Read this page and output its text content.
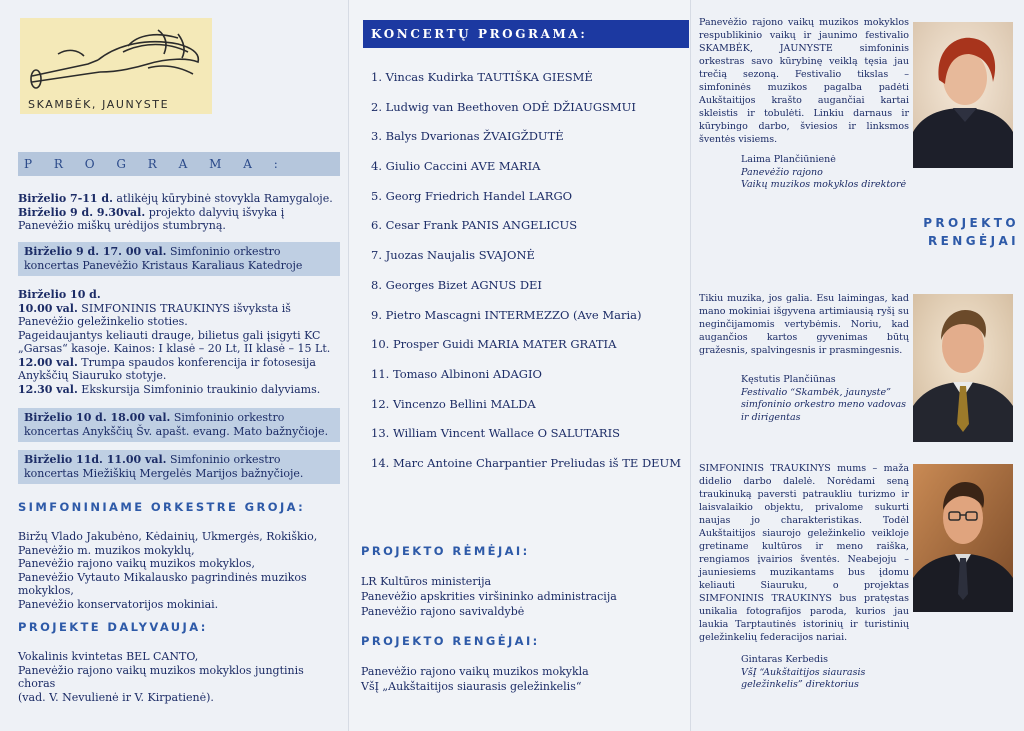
SKAMBĖK, JAUNYSTE
P R O G R A M A :
Birželio 7-11 d. atlikėjų kūrybinė stovykla Ramygaloje.
Birželio 9 d. 9.30val. projekto dalyvių išvyka į Panevėžio miškų urėdijos stumbryną.
Birželio 9 d. 17. 00 val. Simfoninio orkestro koncertas Panevėžio Kristaus Karaliaus Katedroje
Birželio 10 d.
10.00 val. SIMFONINIS TRAUKINYS išvyksta iš Panevėžio geležinkelio stoties.
Pageidaujantys keliauti drauge, bilietus gali įsigyti KC „Garsas“ kasoje. Kainos: I klasė – 20 Lt, II klasė – 15 Lt.
12.00 val. Trumpa spaudos konferencija ir fotosesija Anykščių Siauruko stotyje.
12.30 val. Ekskursija Simfoninio traukinio dalyviams.
Birželio 10 d. 18.00 val. Simfoninio orkestro koncertas Anykščių Šv. apašt. evang. Mato bažnyčioje.
Birželio 11d. 11.00 val. Simfoninio orkestro koncertas Miežiškių Mergelės Marijos bažnyčioje.
SIMFONINIAME ORKESTRE GROJA:
Biržų Vlado Jakubėno, Kėdainių, Ukmergės, Rokiškio, Panevėžio m. muzikos mokyklų,
Panevėžio rajono vaikų muzikos mokyklos,
Panevėžio Vytauto Mikalausko pagrindinės muzikos mokyklos,
Panevėžio konservatorijos mokiniai.
PROJEKTE DALYVAUJA:
Vokalinis kvintetas BEL CANTO,
Panevėžio rajono vaikų muzikos mokyklos jungtinis choras
(vad. V. Nevulienė ir V. Kirpatienė).
KONCERTŲ PROGRAMA:
1. Vincas Kudirka TAUTIŠKA GIESMĖ
2. Ludwig van Beethoven ODĖ DŽIAUGSMUI
3. Balys Dvarionas ŽVAIGŽDUTĖ
4. Giulio Caccini AVE MARIA
5. Georg Friedrich Handel LARGO
6. Cesar Frank PANIS ANGELICUS
7. Juozas Naujalis SVAJONĖ
8. Georges Bizet AGNUS DEI
9. Pietro Mascagni INTERMEZZO (Ave Maria)
10. Prosper Guidi MARIA MATER GRATIA
11. Tomaso Albinoni ADAGIO
12. Vincenzo Bellini MALDA
13. William Vincent Wallace O SALUTARIS
14. Marc Antoine Charpantier Preliudas iš TE DEUM
PROJEKTO RĖMĖJAI:
LR Kultūros ministerija
Panevėžio apskrities viršininko administracija
Panevėžio rajono savivaldybė
PROJEKTO RENGĖJAI:
Panevėžio rajono vaikų muzikos mokykla
VšĮ „Aukštaitijos siaurasis geležinkelis“
Panevėžio rajono vaikų muzikos mokyklos respublikinio vaikų ir jaunimo festivalio SKAMBĖK, JAUNYSTE simfoninis orkestras savo kūrybinę veiklą tęsia jau trečią sezoną. Festivalio tikslas – simfoninės muzikos pagalba padėti Aukštaitijos krašto augančiai kartai skleistis ir tobulėti. Linkiu darnaus ir kūrybingo darbo, šviesios ir linksmos šventės visiems.
Laima Plančiūnienė
Panevėžio rajono
Vaikų muzikos mokyklos direktorė
PROJEKTO
RENGĖJAI
Tikiu muzika, jos galia. Esu laimingas, kad mano mokiniai išgyvena artimiausią ryšį su neginčijamomis vertybėmis. Noriu, kad augančios kartos gyvenimas būtų gražesnis, spalvingesnis ir prasmingesnis.
Kęstutis Plančiūnas
Festivalio “Skambėk, jaunyste”
simfoninio orkestro meno vadovas
ir dirigentas
SIMFONINIS TRAUKINYS mums – maža didelio darbo dalelė. Norėdami seną traukinuką paversti patraukliu turizmo ir laisvalaikio objektu, privalome sukurti naujas jo charakteristikas. Todėl Aukštaitijos siaurojo geležinkelio veikloje gretiname kultūros ir meno raiška, rengiamos įvairios šventės. Neabejoju – jauniesiems muzikantams bus įdomu keliauti Siauruku, o projektas SIMFONINIS TRAUKINYS bus pratęstas unikalia fotografijos paroda, kurios jau laukia Tarptautinės istorinių ir turistinių geležinkelių federacijos nariai.
Gintaras Kerbedis
VšĮ “Aukštaitijos siaurasis
geležinkelis” direktorius
